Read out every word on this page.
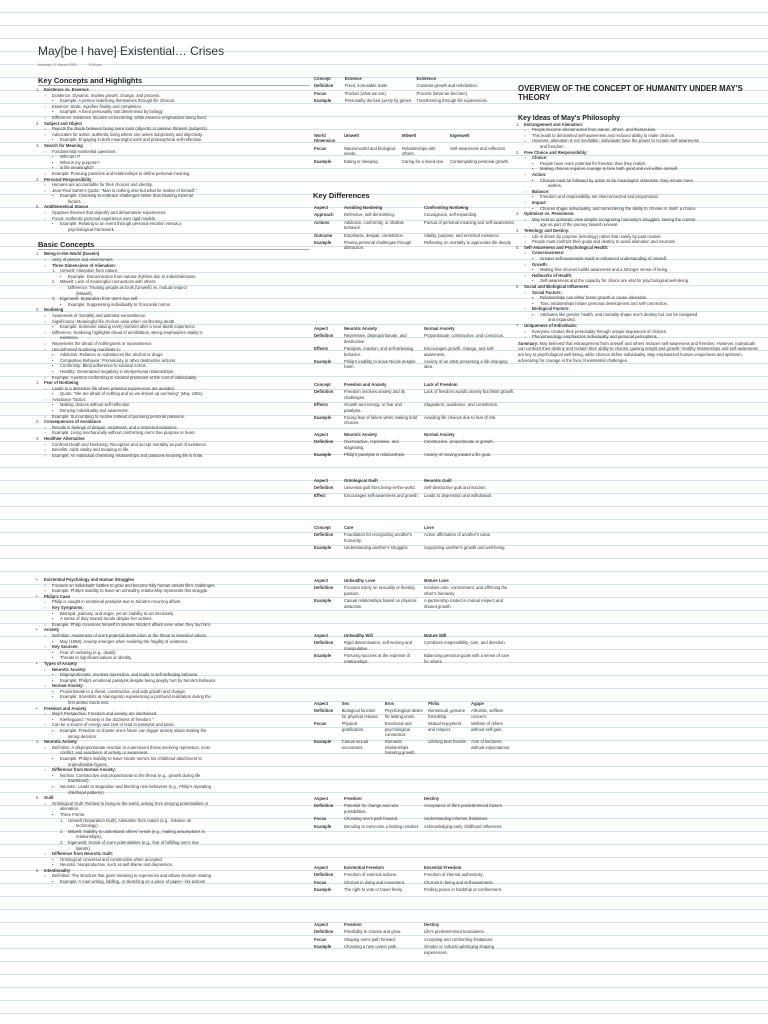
May[be I have] Existential… Crises
Monday, 17 March 2025	2:08 pm
Key Concepts and Highlights
1. Existence vs. Essence
○ Existence: Dynamic, implies growth, change, and process.
▪ Example: A person redefining themselves through life choices.
○ Essence: Static, signifies finality and completion.
▪ Example: A fixed personality trait determined by biology.
○ Difference: Existence focuses on becoming, while essence emphasizes being fixed.
2. Subject and Object
○ Rejects the divide between being mere tools (objects) or passive thinkers (subjects).
○ Advocates for active, authentic living where one unites subjectivity and objectivity.
▪ Example: Engaging in both meaningful work and philosophical self-reflection.
3. Search for Meaning
○ Fundamental existential questions:
▪ Who am I?
▪ What is my purpose?
▪ Is life meaningful?
○ Example: Pursuing passions and relationships to define personal meaning.
4. Personal Responsibility
○ Humans are accountable for their choices and identity.
○ Jean-Paul Sartre's Quote: "Man is nothing else but what he makes of himself."
▪ Example: Choosing to embrace challenges rather than blaming external
factors.
5. Antitheoretical Stance
○ Opposes theories that objectify and dehumanize experiences.
○ Focus: Authentic personal experience over rigid models.
▪ Example: Relating to an event through personal emotion versus a
psychological framework.
Basic Concepts
1. Being-in-the-World (Dasein)
○ Unity of person and environment.
○ Three Dimensions of Alienation:
1. Umwelt: Alienation from nature.
▪ Example: Disconnection from natural rhythms due to industrialization.
2. Mitwelt: Lack of meaningful connections with others.
○ Difference: Treating people as tools (Umwelt) vs. mutual respect
(Mitwelt).
3. Eigenwelt: Separation from one's true self.
▪ Example: Suppressing individuality to fit societal norms.
2. Nonbeing
○ Awareness of mortality and potential nonexistence.
○ Significance: Meaningful life choices arise when confronting death.
▪ Example: Someone valuing every moment after a near-death experience.
○ Difference: Nonbeing highlights dread of annihilation, Being emphasizes vitality in
existence.
○ Represents the dread of nothingness or nonexistence.
○ Unconfronted Nonbeing manifests in:
▪ Addiction: Reliance on substances like alcohol or drugs.
▪ Compulsive Behavior: Promiscuity or other destructive actions.
▪ Conformity: Blind adherence to societal norms.
▪ Hostility: Generalized negativity in interpersonal relationships.
○ Example: A person conforming to societal pressures at the cost of individuality.
1. Fear of Nonbeing
○ Leads to a defensive life where potential experiences are avoided.
▪ Quote: "We are afraid of nothing and so we shrivel up our being" (May, 1991).
○ Avoidance Tactics:
▪ Making choices without self-reflection.
▪ Denying individuality and awareness.
○ Example: Succumbing to routine instead of pursuing personal passions.
2. Consequences of Avoidance
○ Results in feelings of despair, emptiness, and a restricted existence.
○ Example: Living mechanically without confronting one's true purpose or fears.
3. Healthier Alternative
○ Confront Death and Nonbeing: Recognize and accept mortality as part of existence.
○ Benefits: Adds vitality and meaning to life.
○ Example: An individual cherishing relationships and passions knowing life is finite.
• Existential Psychology and Human Struggles
○ Focuses on individuals' battles to grow and become fully human amidst life's challenges.
○ Example: Philip's inability to leave an unhealthy relationship represents this struggle.
• Philip's Case
○ Philip is caught in emotional paralysis due to Nicole's recurring affairs.
○ Key Symptoms:
▪ Betrayal, jealousy, and anger, yet an inability to act decisively.
▪ A sense of duty toward Nicole despite her actions.
○ Example: Philip convinces himself to tolerate Nicole's affairs even when they hurt him.
• Anxiety
○ Definition: Awareness of one's potential destruction or the threat to essential values.
▪ May (1958): Anxiety emerges when realizing the fragility of existence.
○ Key Sources:
▪ Fear of nonbeing (e.g., death).
▪ Threats to significant values or identity.
• Types of Anxiety
○ Neurotic Anxiety:
▪ Disproportionate, involves repression, and leads to self-defeating behavior.
▪ Example: Philip's emotional paralysis despite being deeply hurt by Nicole's behavior.
○ Normal Anxiety:
▪ Proportionate to a threat, constructive, and aids growth and change.
▪ Example: Scientists at Alamogordo experiencing a profound realization during the
first atomic bomb test.
• Freedom and Anxiety
○ May's Perspective: Freedom and anxiety are intertwined.
▪ Kierkegaard: "Anxiety is the dizziness of freedom."
○ Can be a source of energy and zest or lead to paralysis and panic.
▪ Example: Freedom to choose one's future can trigger anxiety about making the
wrong decision.
4. Neurotic Anxiety
○ Definition: A disproportionate reaction to a perceived threat involving repression, inner
conflict, and avoidance of activity or awareness.
▪ Example: Philip's inability to leave Nicole mirrors his childhood attachment to
unpredictable figures.
○ Difference from Normal Anxiety:
▪ Normal: Constructive and proportionate to the threat (e.g., growth during life
transitions).
▪ Neurotic: Leads to stagnation and blocking new behaviors (e.g., Philip's repeating
childhood patterns).
5. Guilt
○ Ontological Guilt: Related to being-in-the-world, arising from denying potentialities or
alienation.
▪ Three Forms:
1. Umwelt (Separation Guilt): Alienation from nature (e.g., reliance on
technology).
2. Mitwelt: Inability to understand others' needs (e.g., making assumptions in
relationships).
3. Eigenwelt: Denial of one's potentialities (e.g., fear of fulfilling one's true
talents).
○ Difference from Neurotic Guilt:
▪ Ontological: Universal and constructive when accepted.
▪ Neurotic: Nonproductive, such as self-blame and depression.
6. Intentionality
○ Definition: The structure that gives meaning to experience and allows decision making
▪ Example: A man writing, fiddling, or sketching on a piece of paper—his actions
Key Differences
Concept	Essence	Existence
Definition	Fixed, immutable traits.	Constant growth and redefinition.
Focus	Product (what we are).	Process (what we become).
Example	Personality derived purely by genes.	Transforming through life experiences.
World Dimension	Umwelt	Mitwelt	Eigenwelt
Focus	Natural world and biological needs.	Relationships with others.	Self-awareness and reflection.
Example	Eating or sleeping.	Caring for a loved one.	Contemplating personal growth.
Aspect	Avoiding Nonbeing	Confronting Nonbeing
Approach	Defensive, self-diminishing.	Courageous, self-expanding.
Actions	Addiction, conformity, or shallow behavior.	Pursuit of personal meaning and self-awareness.
Outcome	Emptiness, despair, constriction.	Vitality, purpose, and enriched existence.
Example	Fleeing personal challenges through distraction.	Reflecting on mortality to appreciate life deeply.
Aspect	Neurotic Anxiety	Normal Anxiety
Definition	Repressive, disproportionate, and destructive.	Proportionate, constructive, and conscious.
Effects	Paralysis, inaction, and self-defeating behavior.	Encourages growth, change, and self-awareness.
Example	Philip's inability to leave Nicole despite harm.	Anxiety of an artist presenting a life-changing idea.
Concept	Freedom and Anxiety	Lack of Freedom
Definition	Freedom involves anxiety and its challenges.	Lack of freedom avoids anxiety but limits growth.
Effects	Growth and energy, or fear and paralysis.	Stagnation, avoidance, and constriction.
Example	Facing fear of failure when making bold choices.	Avoiding life choices due to fear of risk.
Aspect	Neurotic Anxiety	Normal Anxiety
Definition	Overreactive, repressive, and stagnating.	Constructive, proportionate to growth.
Example	Philip's paralysis in relationships.	Anxiety of moving toward a life goal.
Aspect	Ontological Guilt	Neurotic Guilt
Definition	Universal guilt from being-in-the-world.	Self-destructive guilt and inaction.
Effect	Encourages self-awareness and growth.	Leads to depression and withdrawal.
Concept	Care	Love
Definition	Foundation for recognizing another's humanity.	Active affirmation of another's value.
Example	Understanding another's struggles.	Supporting another's growth and well-being.
Aspect	Unhealthy Love	Mature Love
Definition	Focuses solely on sexuality or fleeting passion.	Involves care, commitment, and affirming the other's humanity.
Example	Casual relationships based on physical attraction.	A partnership rooted in mutual respect and shared growth.
Aspect	Unhealthy Will	Mature Will
Definition	Rigid determination, self-serving and manipulative.	Combines responsibility, care, and direction.
Example	Pursuing success at the expense of relationships.	Balancing personal goals with a sense of care for others.
Aspect	Sex	Eros	Philia	Agape
Definition	Biological function for physical release.	Psychological desire for lasting union.	Nonsexual, genuine friendship.	Altruistic, selfless concern.
Focus	Physical gratification.	Emotional and psychological connection.	Mutual enjoyment and respect.	Welfare of others without self-gain.
Example	Casual sexual encounters.	Romantic relationships fostering growth.	Lifelong best friends.	Acts of kindness without expectations.
Aspect	Freedom	Destiny
Definition	Potential for change and new possibilities.	Acceptance of life's predetermined factors.
Focus	Choosing one's path forward.	Understanding inherent limitations.
Example	Deciding to overcome a limiting mindset.	Acknowledging early childhood influences.
Aspect	Existential Freedom	Essential Freedom
Definition	Freedom of external actions.	Freedom of internal authenticity.
Focus	Choices in doing and movement.	Choices in being and self-awareness.
Example	The right to vote or travel freely.	Finding peace in hardship or confinement.
Aspect	Freedom	Destiny
Definition	Possibility to choose and grow.	Life's predetermined boundaries.
Focus	Shaping one's path forward.	Accepting and confronting limitations.
Example	Choosing a new career path.	Gender or cultural upbringing shaping experiences.
OVERVIEW OF THE CONCEPT OF HUMANITY UNDER MAY'S THEORY
Key Ideas of May's Philosophy
1. Estrangement and Alienation:
○ People become disconnected from nature, others, and themselves.
○ This leads to diminished self-awareness and reduced ability to make choices.
○ However, alienation is not inevitable; individuals have the power to reclaim self-awareness
and freedom.
2. Free Choice and Responsibility:
○ Choice:
▪ People have more potential for freedom than they realize.
▪ Making choices requires courage to face both good and evil within oneself.
○ Action:
▪ Choices must be followed by action to be meaningful; otherwise, they remain mere
wishes.
○ Balance:
▪ Freedom and responsibility are interconnected and proportional.
○ Impact:
▪ Choices shape individuality, and surrendering the ability to choose is, itself, a choice.
3. Optimism vs. Pessimism:
○ May held an optimistic view despite recognizing humanity's struggles, seeing the current
age as part of the journey toward renewal.
4. Teleology and Destiny:
○ Life is driven by purpose (teleology) rather than solely by past causes.
○ People must confront their goals and destiny to avoid alienation and neurosis.
5. Self-Awareness and Psychological Health:
○ Consciousness:
▪ Greater self-awareness leads to enhanced understanding of oneself.
○ Growth:
▪ Making free choices builds awareness and a stronger sense of being.
○ Hallmarks of Health:
▪ Self-awareness and the capacity for choice are vital for psychological well-being.
6. Social and Biological Influences:
○ Social Factors:
▪ Relationships can either foster growth or cause alienation.
▪ Toxic relationships hinder personal development and self-connection.
○ Biological Factors:
▪ Attributes like gender, health, and mortality shape one's destiny but can be navigated
and expanded.
7. Uniqueness of Individuals:
○ Everyone creates their personality through unique sequences of choices.
○ Phenomenology emphasizes individuality and personal perceptions.
Summary: May believed that estrangement from oneself and others reduces self-awareness and freedom. However, individuals can confront their destiny and reclaim their ability to choose, gaining insight and growth. Healthy relationships and self-awareness are key to psychological well-being, while choices define individuality. May emphasized human uniqueness and optimism, advocating for courage in the face of existential challenges.
